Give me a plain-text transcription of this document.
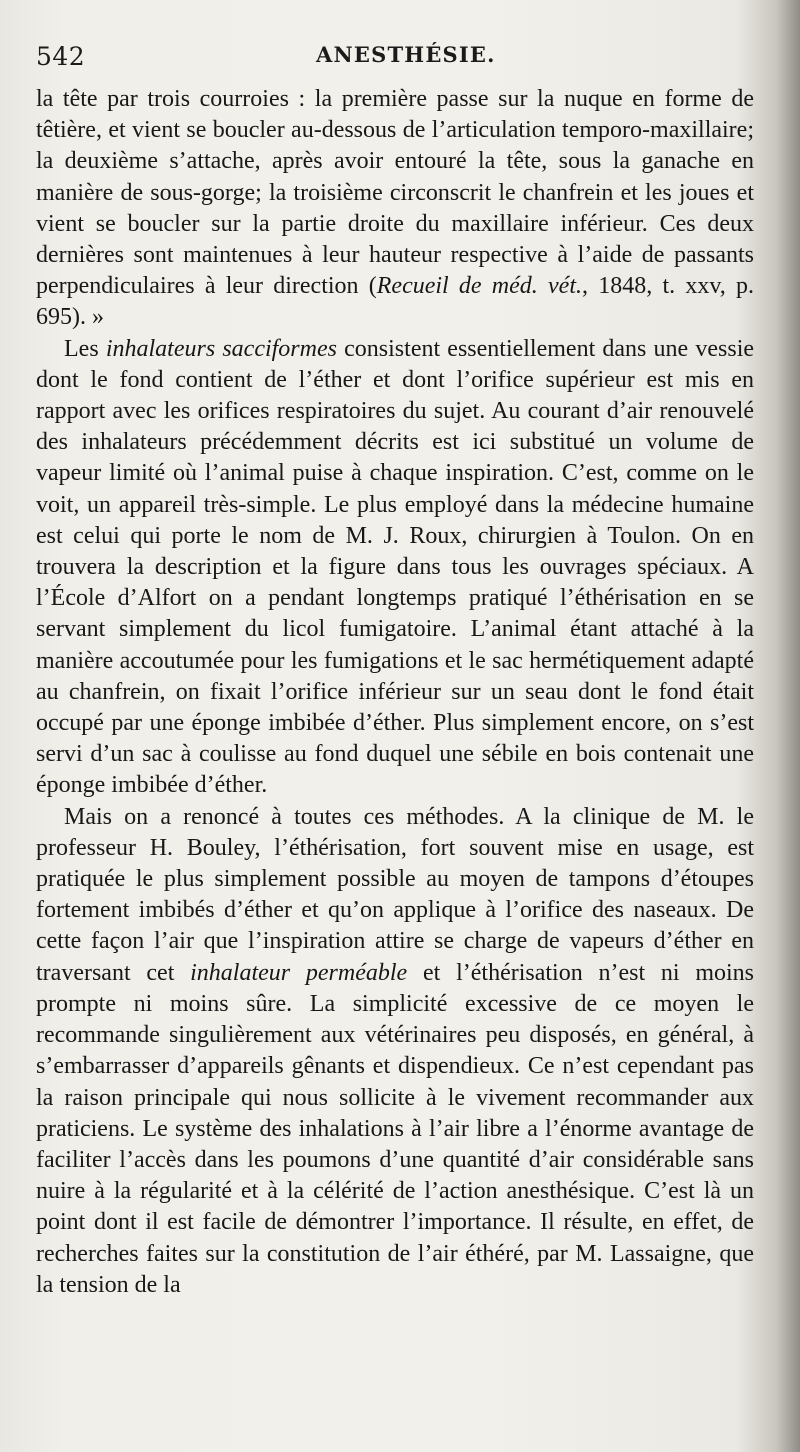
542	ANESTHÉSIE.

la tête par trois courroies : la première passe sur la nuque en forme de têtière, et vient se boucler au-dessous de l’articulation temporo-maxillaire; la deuxième s’attache, après avoir entouré la tête, sous la ganache en manière de sous-gorge; la troisième circonscrit le chanfrein et les joues et vient se boucler sur la partie droite du maxillaire inférieur. Ces deux dernières sont maintenues à leur hauteur respective à l’aide de passants perpendiculaires à leur direction (Recueil de méd. vét., 1848, t. xxv, p. 695). »

Les inhalateurs sacciformes consistent essentiellement dans une vessie dont le fond contient de l’éther et dont l’orifice supérieur est mis en rapport avec les orifices respiratoires du sujet. Au courant d’air renouvelé des inhalateurs précédemment décrits est ici substitué un volume de vapeur limité où l’animal puise à chaque inspiration. C’est, comme on le voit, un appareil très-simple. Le plus employé dans la médecine humaine est celui qui porte le nom de M. J. Roux, chirurgien à Toulon. On en trouvera la description et la figure dans tous les ouvrages spéciaux. A l’École d’Alfort on a pendant longtemps pratiqué l’éthérisation en se servant simplement du licol fumigatoire. L’animal étant attaché à la manière accoutumée pour les fumigations et le sac hermétiquement adapté au chanfrein, on fixait l’orifice inférieur sur un seau dont le fond était occupé par une éponge imbibée d’éther. Plus simplement encore, on s’est servi d’un sac à coulisse au fond duquel une sébile en bois contenait une éponge imbibée d’éther.

Mais on a renoncé à toutes ces méthodes. A la clinique de M. le professeur H. Bouley, l’éthérisation, fort souvent mise en usage, est pratiquée le plus simplement possible au moyen de tampons d’étoupes fortement imbibés d’éther et qu’on applique à l’orifice des naseaux. De cette façon l’air que l’inspiration attire se charge de vapeurs d’éther en traversant cet inhalateur perméable et l’éthérisation n’est ni moins prompte ni moins sûre. La simplicité excessive de ce moyen le recommande singulièrement aux vétérinaires peu disposés, en général, à s’embarrasser d’appareils gênants et dispendieux. Ce n’est cependant pas la raison principale qui nous sollicite à le vivement recommander aux praticiens. Le système des inhalations à l’air libre a l’énorme avantage de faciliter l’accès dans les poumons d’une quantité d’air considérable sans nuire à la régularité et à la célérité de l’action anesthésique. C’est là un point dont il est facile de démontrer l’importance. Il résulte, en effet, de recherches faites sur la constitution de l’air éthéré, par M. Lassaigne, que la tension de la
